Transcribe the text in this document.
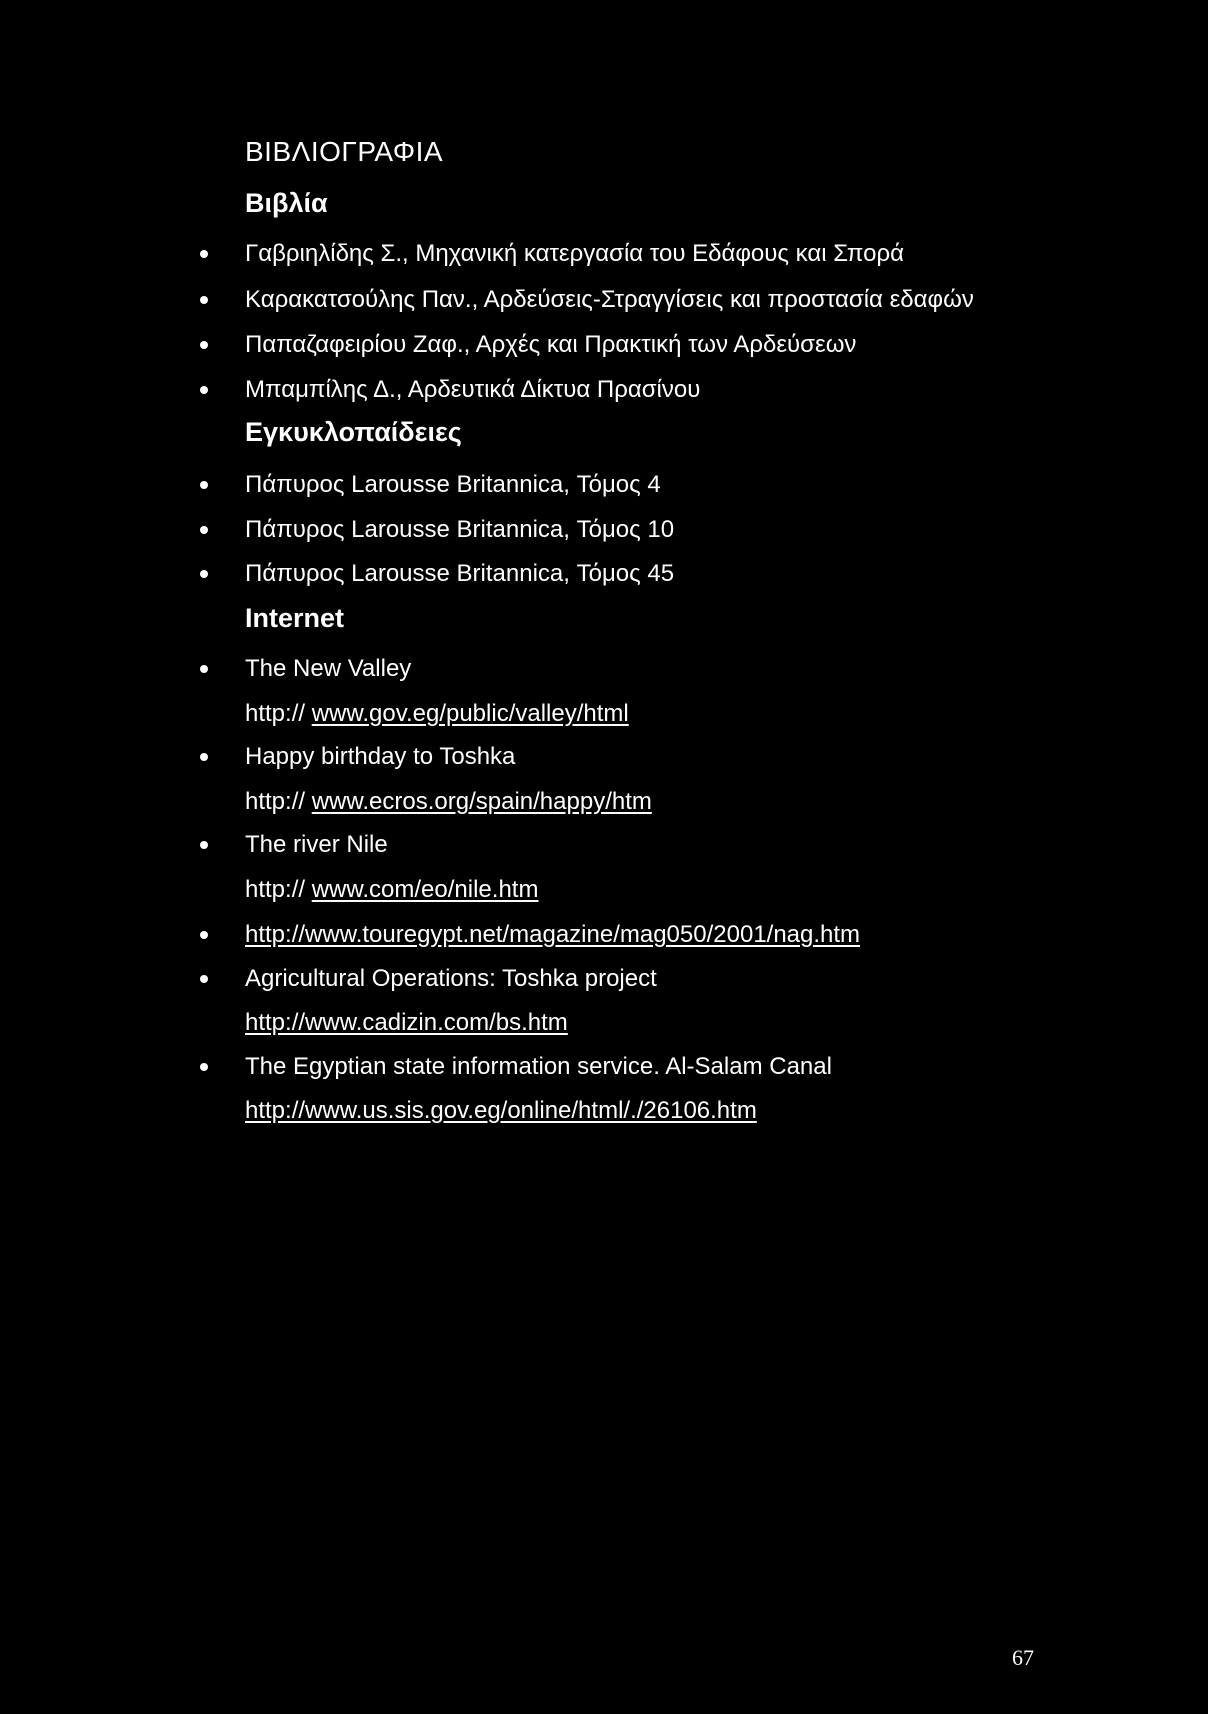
ΒΙΒΛΙΟΓΡΑΦΙΑ
Βιβλία
Γαβριηλίδης Σ., Μηχανική κατεργασία του Εδάφους και Σπορά
Καρακατσούλης Παν., Αρδεύσεις-Στραγγίσεις και προστασία εδαφών
Παπαζαφειρίου Ζαφ., Αρχές και Πρακτική των Αρδεύσεων
Μπαμπίλης Δ., Αρδευτικά Δίκτυα Πρασίνου
Εγκυκλοπαίδειες
Πάπυρος Larousse Britannica, Τόμος 4
Πάπυρος Larousse Britannica, Τόμος 10
Πάπυρος Larousse Britannica, Τόμος 45
Internet
The New Valley
http:// www.gov.eg/public/valley/html
Happy birthday to Toshka
http:// www.ecros.org/spain/happy/htm
The river Nile
http:// www.com/eo/nile.htm
http://www.touregypt.net/magazine/mag050/2001/nag.htm
Agricultural Operations: Toshka project
http://www.cadizin.com/bs.htm
The Egyptian state information service. Al-Salam Canal
http://www.us.sis.gov.eg/online/html/./26106.htm

67
